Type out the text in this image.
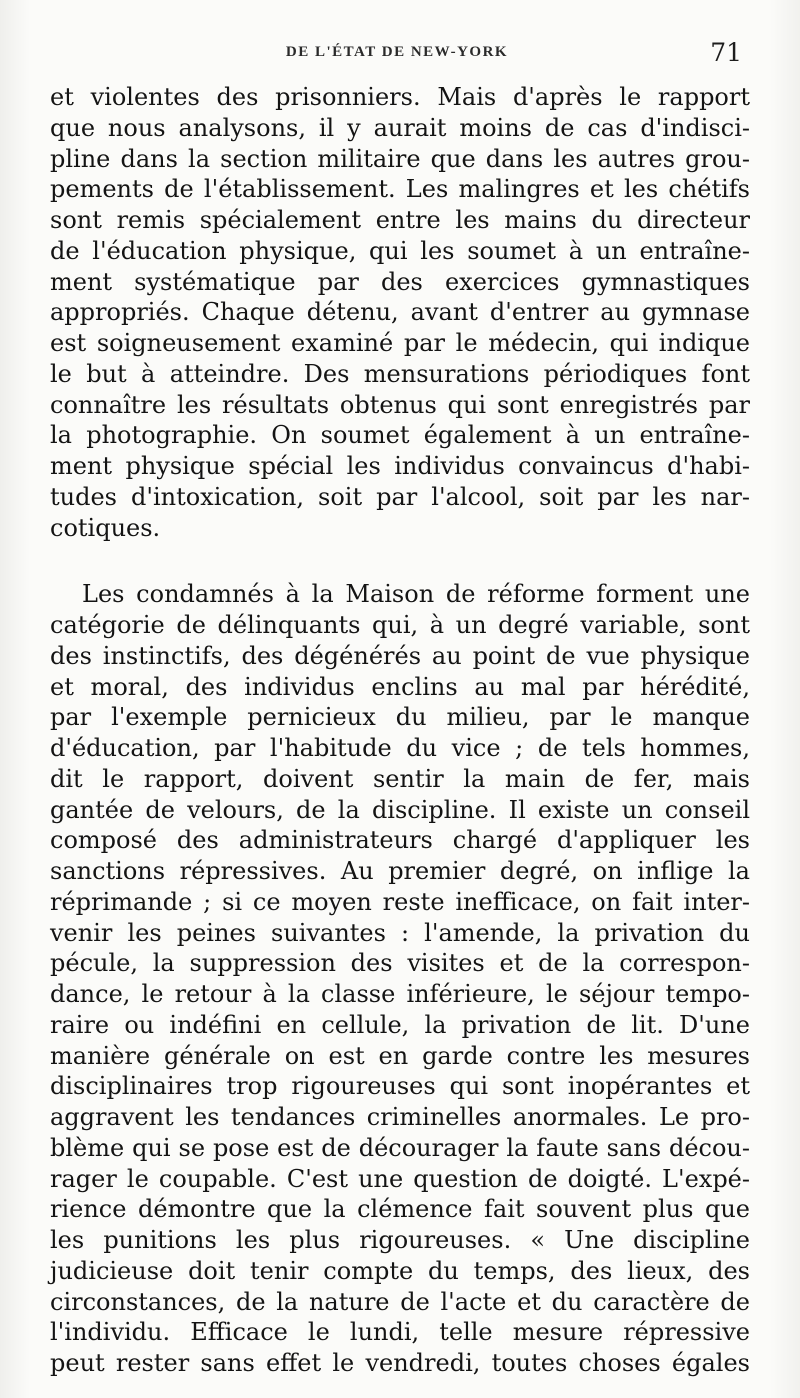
DE L'ÉTAT DE NEW-YORK	71
et violentes des prisonniers. Mais d'après le rapport
que nous analysons, il y aurait moins de cas d'indisci-
pline dans la section militaire que dans les autres grou-
pements de l'établissement. Les malingres et les chétifs
sont remis spécialement entre les mains du directeur
de l'éducation physique, qui les soumet à un entraîne-
ment systématique par des exercices gymnastiques
appropriés. Chaque détenu, avant d'entrer au gymnase
est soigneusement examiné par le médecin, qui indique
le but à atteindre. Des mensurations périodiques font
connaître les résultats obtenus qui sont enregistrés par
la photographie. On soumet également à un entraîne-
ment physique spécial les individus convaincus d'habi-
tudes d'intoxication, soit par l'alcool, soit par les nar-
cotiques.
Les condamnés à la Maison de réforme forment une
catégorie de délinquants qui, à un degré variable, sont
des instinctifs, des dégénérés au point de vue physique
et moral, des individus enclins au mal par hérédité,
par l'exemple pernicieux du milieu, par le manque
d'éducation, par l'habitude du vice ; de tels hommes,
dit le rapport, doivent sentir la main de fer, mais
gantée de velours, de la discipline. Il existe un conseil
composé des administrateurs chargé d'appliquer les
sanctions répressives. Au premier degré, on inflige la
réprimande ; si ce moyen reste inefficace, on fait inter-
venir les peines suivantes : l'amende, la privation du
pécule, la suppression des visites et de la correspon-
dance, le retour à la classe inférieure, le séjour tempo-
raire ou indéfini en cellule, la privation de lit. D'une
manière générale on est en garde contre les mesures
disciplinaires trop rigoureuses qui sont inopérantes et
aggravent les tendances criminelles anormales. Le pro-
blème qui se pose est de décourager la faute sans décou-
rager le coupable. C'est une question de doigté. L'expé-
rience démontre que la clémence fait souvent plus que
les punitions les plus rigoureuses. « Une discipline
judicieuse doit tenir compte du temps, des lieux, des
circonstances, de la nature de l'acte et du caractère de
l'individu. Efficace le lundi, telle mesure répressive
peut rester sans effet le vendredi, toutes choses égales
